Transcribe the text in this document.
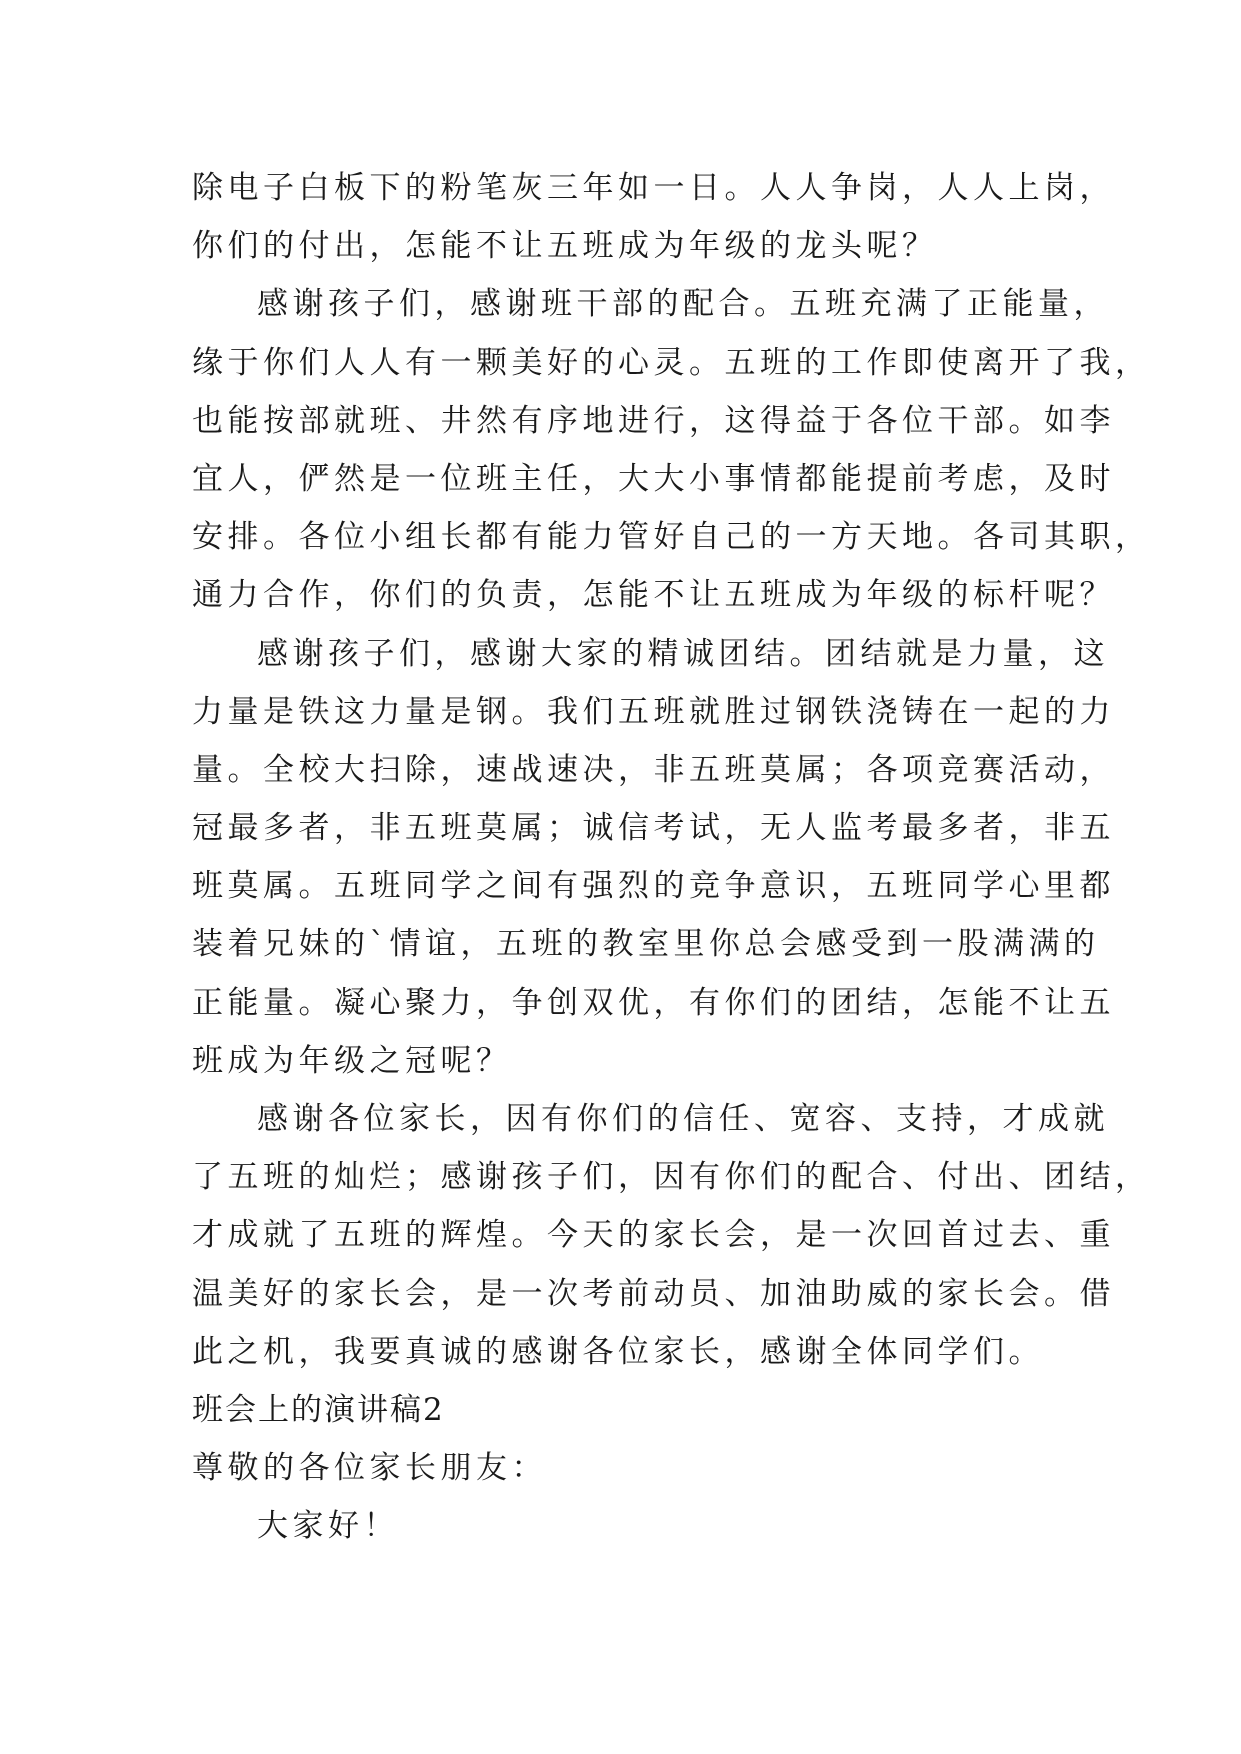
除电子白板下的粉笔灰三年如一日。人人争岗，人人上岗，
你们的付出，怎能不让五班成为年级的龙头呢？
感谢孩子们，感谢班干部的配合。五班充满了正能量，
缘于你们人人有一颗美好的心灵。五班的工作即使离开了我，
也能按部就班、井然有序地进行，这得益于各位干部。如李
宜人，俨然是一位班主任，大大小事情都能提前考虑，及时
安排。各位小组长都有能力管好自己的一方天地。各司其职，
通力合作，你们的负责，怎能不让五班成为年级的标杆呢？
感谢孩子们，感谢大家的精诚团结。团结就是力量，这
力量是铁这力量是钢。我们五班就胜过钢铁浇铸在一起的力
量。全校大扫除，速战速决，非五班莫属；各项竞赛活动，
冠最多者，非五班莫属；诚信考试，无人监考最多者，非五
班莫属。五班同学之间有强烈的竞争意识，五班同学心里都
装着兄妹的`情谊，五班的教室里你总会感受到一股满满的
正能量。凝心聚力，争创双优，有你们的团结，怎能不让五
班成为年级之冠呢？
感谢各位家长，因有你们的信任、宽容、支持，才成就
了五班的灿烂；感谢孩子们，因有你们的配合、付出、团结，
才成就了五班的辉煌。今天的家长会，是一次回首过去、重
温美好的家长会，是一次考前动员、加油助威的家长会。借
此之机，我要真诚的感谢各位家长，感谢全体同学们。
班会上的演讲稿2
尊敬的各位家长朋友：
大家好！
